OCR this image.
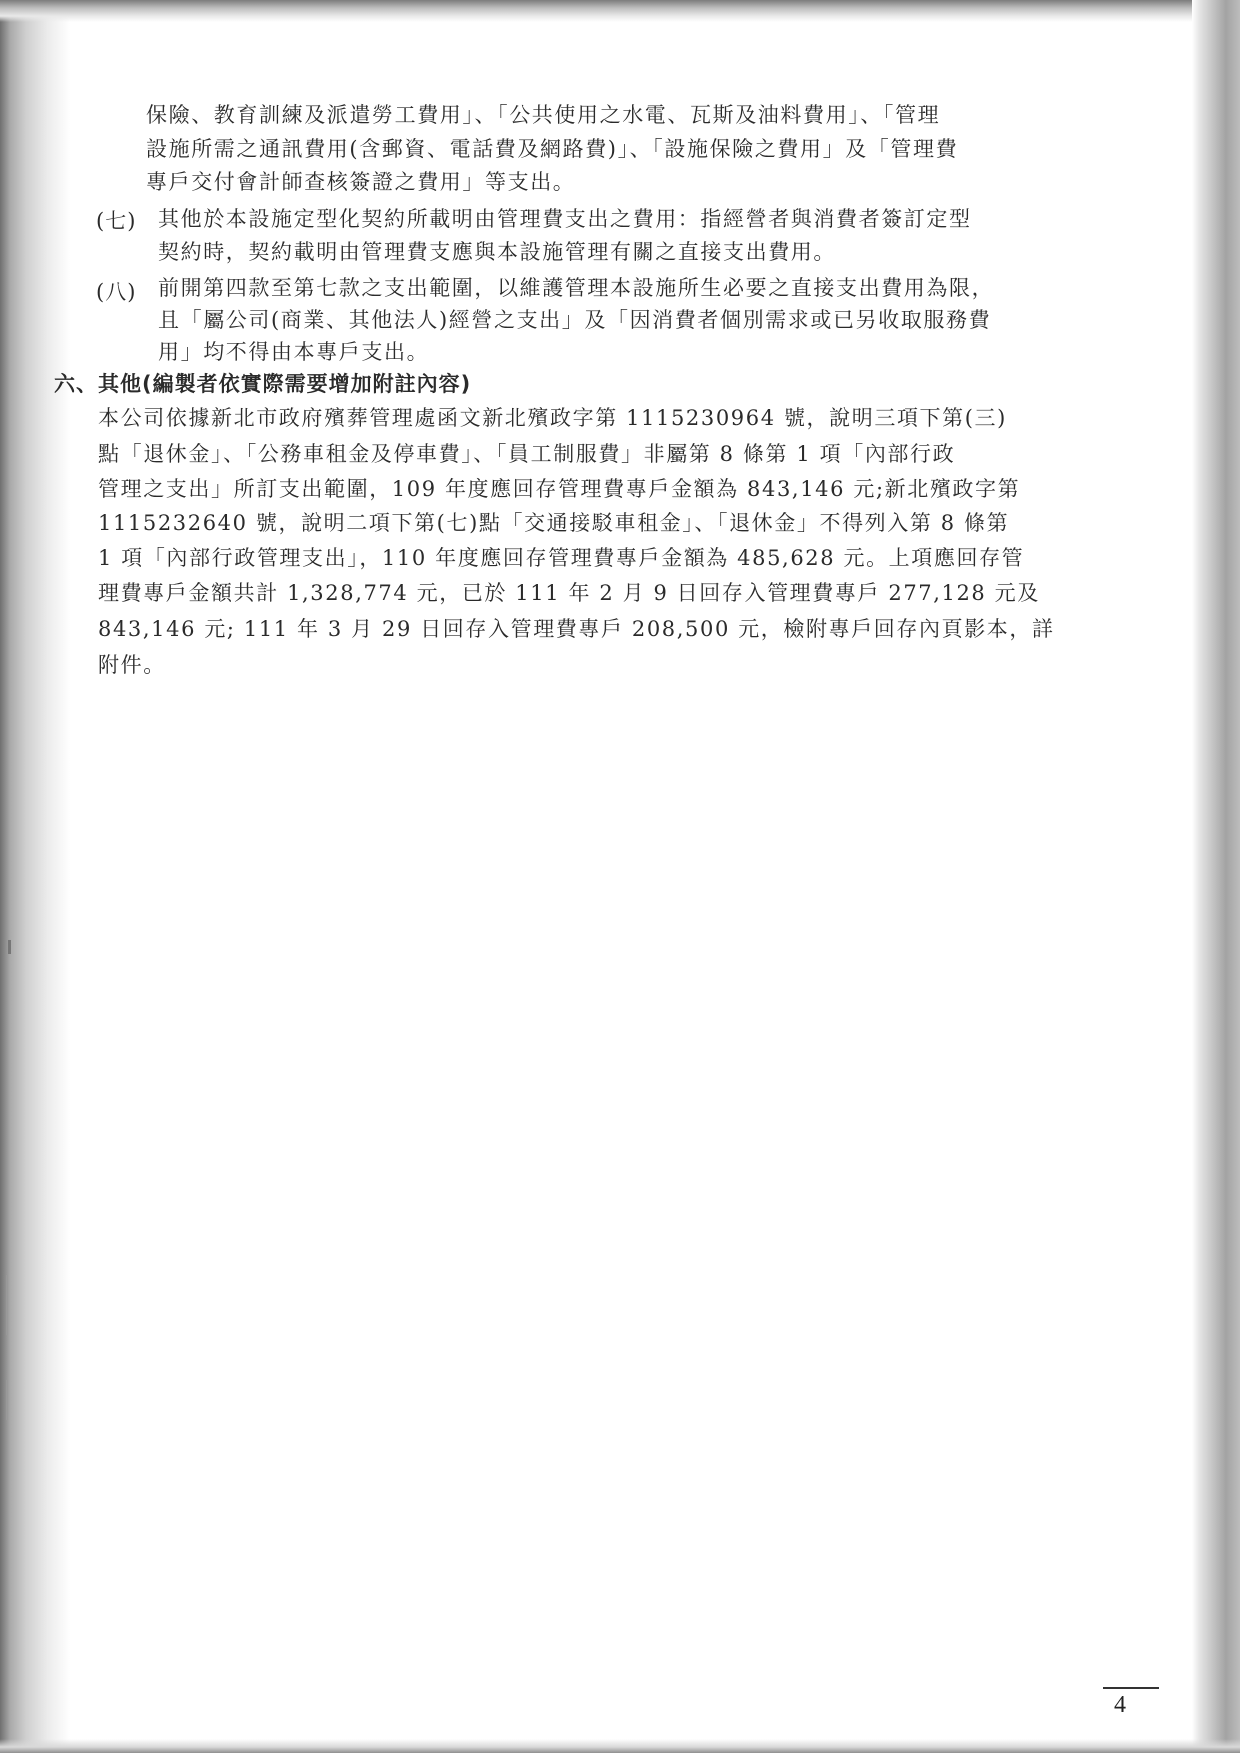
保險、教育訓練及派遣勞工費用」、「公共使用之水電、瓦斯及油料費用」、「管理
設施所需之通訊費用(含郵資、電話費及網路費)」、「設施保險之費用」及「管理費
專戶交付會計師查核簽證之費用」等支出。
(七) 其他於本設施定型化契約所載明由管理費支出之費用：指經營者與消費者簽訂定型
契約時，契約載明由管理費支應與本設施管理有關之直接支出費用。
(八) 前開第四款至第七款之支出範圍，以維護管理本設施所生必要之直接支出費用為限，
且「屬公司(商業、其他法人)經營之支出」及「因消費者個別需求或已另收取服務費
用」均不得由本專戶支出。
六、其他(編製者依實際需要增加附註內容)
本公司依據新北市政府殯葬管理處函文新北殯政字第 1115230964 號，說明三項下第(三)
點「退休金」、「公務車租金及停車費」、「員工制服費」非屬第 8 條第 1 項「內部行政
管理之支出」所訂支出範圍，109 年度應回存管理費專戶金額為 843,146 元;新北殯政字第
1115232640 號，說明二項下第(七)點「交通接駁車租金」、「退休金」不得列入第 8 條第
1 項「內部行政管理支出」，110 年度應回存管理費專戶金額為 485,628 元。上項應回存管
理費專戶金額共計 1,328,774 元，已於 111 年 2 月 9 日回存入管理費專戶 277,128 元及
843,146 元; 111 年 3 月 29 日回存入管理費專戶 208,500 元，檢附專戶回存內頁影本，詳
附件。
4
